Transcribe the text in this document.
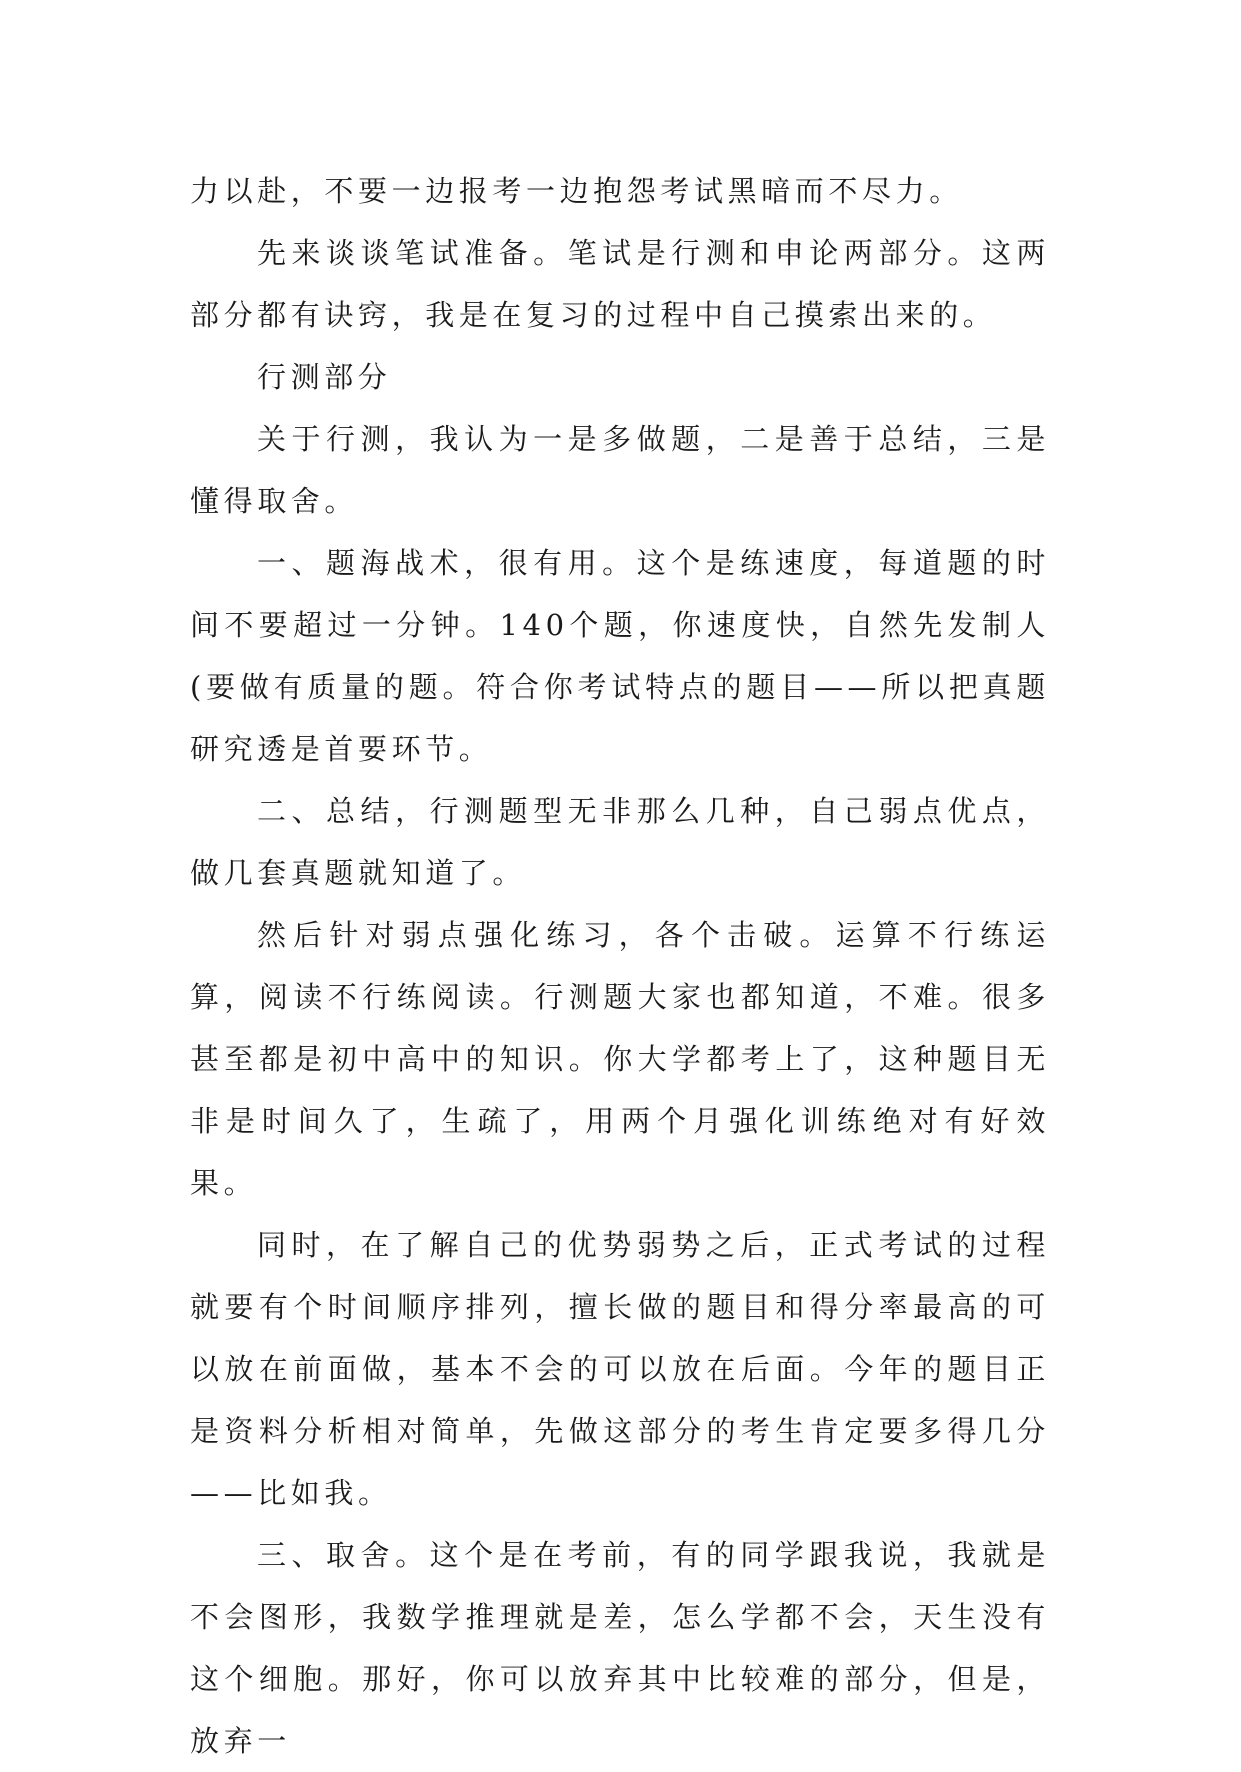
力以赴，不要一边报考一边抱怨考试黑暗而不尽力。

先来谈谈笔试准备。笔试是行测和申论两部分。这两部分都有诀窍，我是在复习的过程中自己摸索出来的。

行测部分

关于行测，我认为一是多做题，二是善于总结，三是懂得取舍。

一、题海战术，很有用。这个是练速度，每道题的时间不要超过一分钟。140个题，你速度快，自然先发制人(要做有质量的题。符合你考试特点的题目——所以把真题研究透是首要环节。

二、总结，行测题型无非那么几种，自己弱点优点，做几套真题就知道了。

然后针对弱点强化练习，各个击破。运算不行练运算，阅读不行练阅读。行测题大家也都知道，不难。很多甚至都是初中高中的知识。你大学都考上了，这种题目无非是时间久了，生疏了，用两个月强化训练绝对有好效果。

同时，在了解自己的优势弱势之后，正式考试的过程就要有个时间顺序排列，擅长做的题目和得分率最高的可以放在前面做，基本不会的可以放在后面。今年的题目正是资料分析相对简单，先做这部分的考生肯定要多得几分——比如我。

三、取舍。这个是在考前，有的同学跟我说，我就是不会图形，我数学推理就是差，怎么学都不会，天生没有这个细胞。那好，你可以放弃其中比较难的部分，但是，放弃一
